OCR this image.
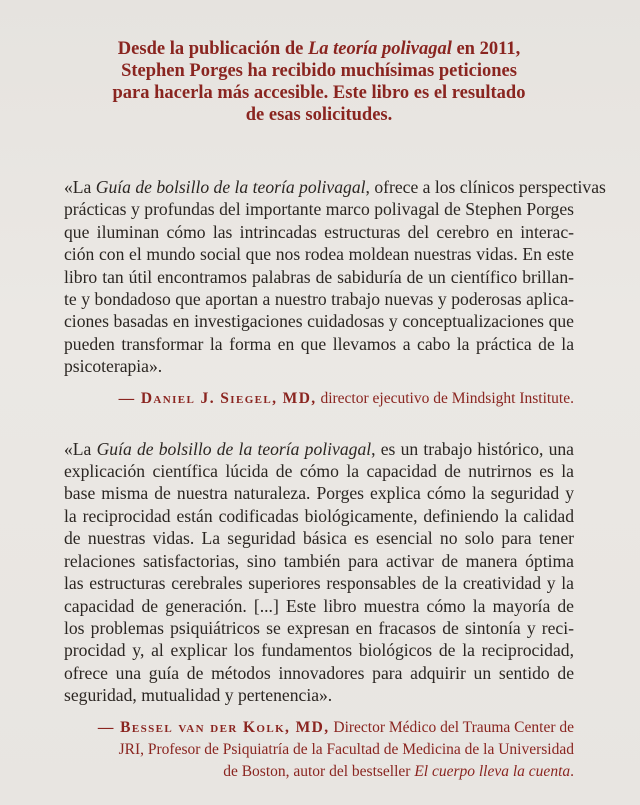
Desde la publicación de La teoría polivagal en 2011,
Stephen Porges ha recibido muchísimas peticiones
para hacerla más accesible. Este libro es el resultado
de esas solicitudes.
«La Guía de bolsillo de la teoría polivagal, ofrece a los clínicos perspectivas
prácticas y profundas del importante marco polivagal de Stephen Porges
que iluminan cómo las intrincadas estructuras del cerebro en interac-
ción con el mundo social que nos rodea moldean nuestras vidas. En este
libro tan útil encontramos palabras de sabiduría de un científico brillan-
te y bondadoso que aportan a nuestro trabajo nuevas y poderosas aplica-
ciones basadas en investigaciones cuidadosas y conceptualizaciones que
pueden transformar la forma en que llevamos a cabo la práctica de la
psicoterapia».
— Daniel J. Siegel, MD, director ejecutivo de Mindsight Institute.
«La Guía de bolsillo de la teoría polivagal, es un trabajo histórico, una
explicación científica lúcida de cómo la capacidad de nutrirnos es la
base misma de nuestra naturaleza. Porges explica cómo la seguridad y
la reciprocidad están codificadas biológicamente, definiendo la calidad
de nuestras vidas. La seguridad básica es esencial no solo para tener
relaciones satisfactorias, sino también para activar de manera óptima
las estructuras cerebrales superiores responsables de la creatividad y la
capacidad de generación. [...] Este libro muestra cómo la mayoría de
los problemas psiquiátricos se expresan en fracasos de sintonía y reci-
procidad y, al explicar los fundamentos biológicos de la reciprocidad,
ofrece una guía de métodos innovadores para adquirir un sentido de
seguridad, mutualidad y pertenencia».
— Bessel van der Kolk, MD, Director Médico del Trauma Center de
JRI, Profesor de Psiquiatría de la Facultad de Medicina de la Universidad
de Boston, autor del bestseller El cuerpo lleva la cuenta.
